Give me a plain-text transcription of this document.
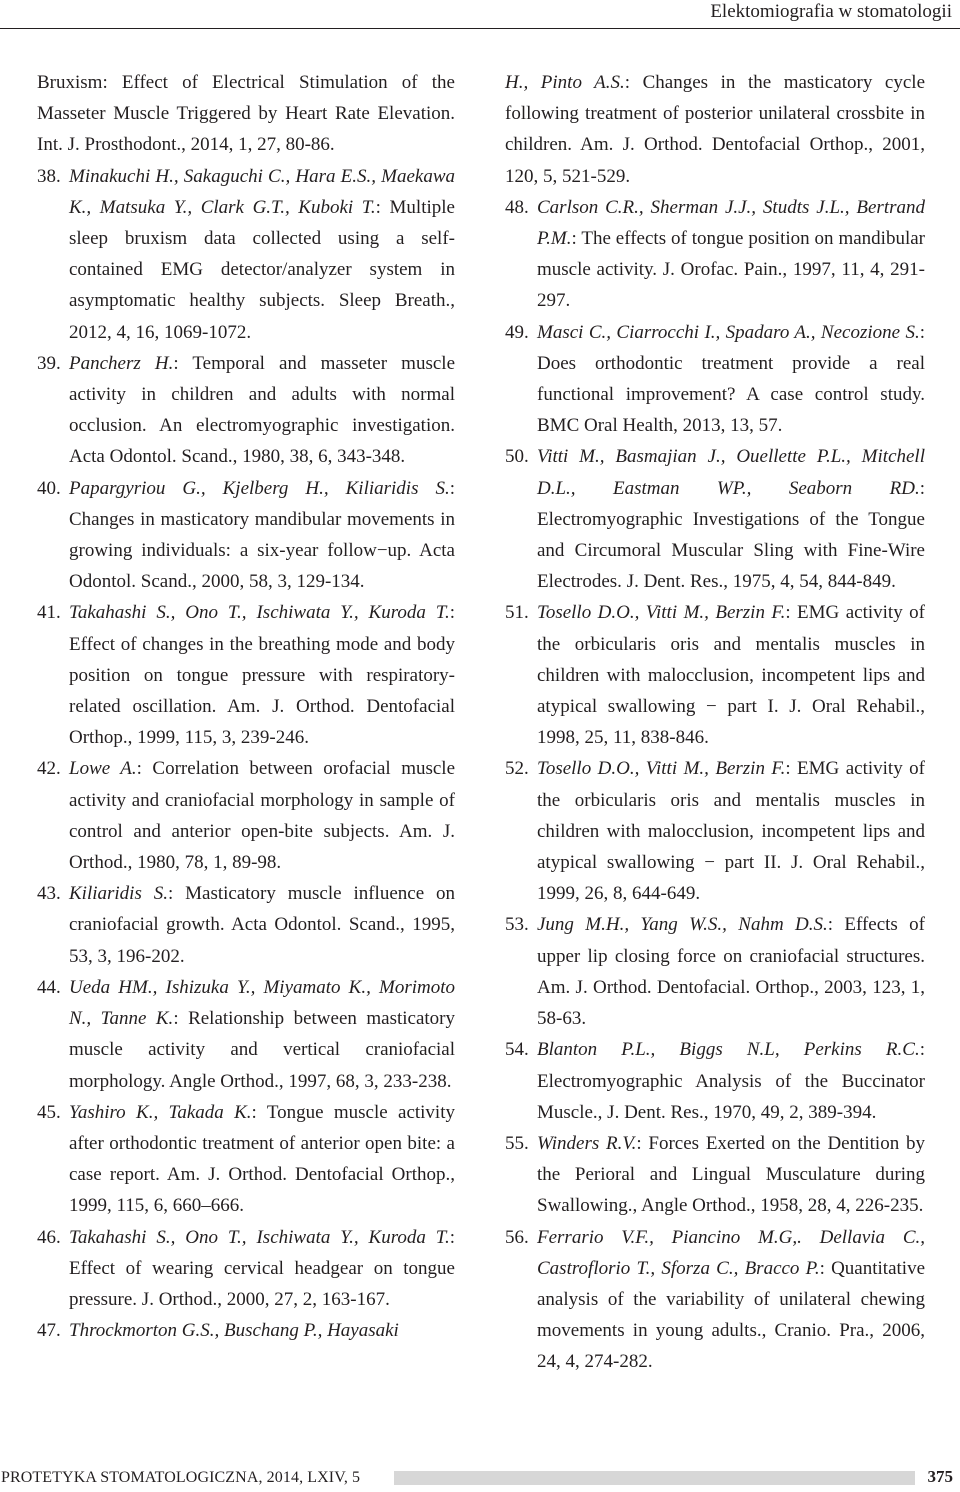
Elektomiografia w stomatologii
Bruxism: Effect of Electrical Stimulation of the Masseter Muscle Triggered by Heart Rate Elevation. Int. J. Prosthodont., 2014, 1, 27, 80-86.
38. Minakuchi H., Sakaguchi C., Hara E.S., Maekawa K., Matsuka Y., Clark G.T., Kuboki T.: Multiple sleep bruxism data collected using a self-contained EMG detector/analyzer system in asymptomatic healthy subjects. Sleep Breath., 2012, 4, 16, 1069-1072.
39. Pancherz H.: Temporal and masseter muscle activity in children and adults with normal occlusion. An electromyographic investigation. Acta Odontol. Scand., 1980, 38, 6, 343-348.
40. Papargyriou G., Kjelberg H., Kiliaridis S.: Changes in masticatory mandibular movements in growing individuals: a six-year follow−up. Acta Odontol. Scand., 2000, 58, 3, 129-134.
41. Takahashi S., Ono T., Ischiwata Y., Kuroda T.: Effect of changes in the breathing mode and body position on tongue pressure with respiratory-related oscillation. Am. J. Orthod. Dentofacial Orthop., 1999, 115, 3, 239-246.
42. Lowe A.: Correlation between orofacial muscle activity and craniofacial morphology in sample of control and anterior open-bite subjects. Am. J. Orthod., 1980, 78, 1, 89-98.
43. Kiliaridis S.: Masticatory muscle influence on craniofacial growth. Acta Odontol. Scand., 1995, 53, 3, 196-202.
44. Ueda HM., Ishizuka Y., Miyamato K., Morimoto N., Tanne K.: Relationship between masticatory muscle activity and vertical craniofacial morphology. Angle Orthod., 1997, 68, 3, 233-238.
45. Yashiro K., Takada K.: Tongue muscle activity after orthodontic treatment of anterior open bite: a case report. Am. J. Orthod. Dentofacial Orthop., 1999, 115, 6, 660–666.
46. Takahashi S., Ono T., Ischiwata Y., Kuroda T.: Effect of wearing cervical headgear on tongue pressure. J. Orthod., 2000, 27, 2, 163-167.
47. Throckmorton G.S., Buschang P., Hayasaki
H., Pinto A.S.: Changes in the masticatory cycle following treatment of posterior unilateral crossbite in children. Am. J. Orthod. Dentofacial Orthop., 2001, 120, 5, 521-529.
48. Carlson C.R., Sherman J.J., Studts J.L., Bertrand P.M.: The effects of tongue position on mandibular muscle activity. J. Orofac. Pain., 1997, 11, 4, 291-297.
49. Masci C., Ciarrocchi I., Spadaro A., Necozione S.: Does orthodontic treatment provide a real functional improvement? A case control study. BMC Oral Health, 2013, 13, 57.
50. Vitti M., Basmajian J., Ouellette P.L., Mitchell D.L., Eastman WP., Seaborn RD.: Electromyographic Investigations of the Tongue and Circumoral Muscular Sling with Fine-Wire Electrodes. J. Dent. Res., 1975, 4, 54, 844-849.
51. Tosello D.O., Vitti M., Berzin F.: EMG activity of the orbicularis oris and mentalis muscles in children with malocclusion, incompetent lips and atypical swallowing − part I. J. Oral Rehabil., 1998, 25, 11, 838-846.
52. Tosello D.O., Vitti M., Berzin F.: EMG activity of the orbicularis oris and mentalis muscles in children with malocclusion, incompetent lips and atypical swallowing − part II. J. Oral Rehabil., 1999, 26, 8, 644-649.
53. Jung M.H., Yang W.S., Nahm D.S.: Effects of upper lip closing force on craniofacial structures. Am. J. Orthod. Dentofacial. Orthop., 2003, 123, 1, 58-63.
54. Blanton P.L., Biggs N.L, Perkins R.C.: Electromyographic Analysis of the Buccinator Muscle., J. Dent. Res., 1970, 49, 2, 389-394.
55. Winders R.V.: Forces Exerted on the Dentition by the Perioral and Lingual Musculature during Swallowing., Angle Orthod., 1958, 28, 4, 226-235.
56. Ferrario V.F., Piancino M.G,. Dellavia C., Castroflorio T., Sforza C., Bracco P.: Quantitative analysis of the variability of unilateral chewing movements in young adults., Cranio. Pra., 2006, 24, 4, 274-282.
PROTETYKA STOMATOLOGICZNA, 2014, LXIV, 5	375
